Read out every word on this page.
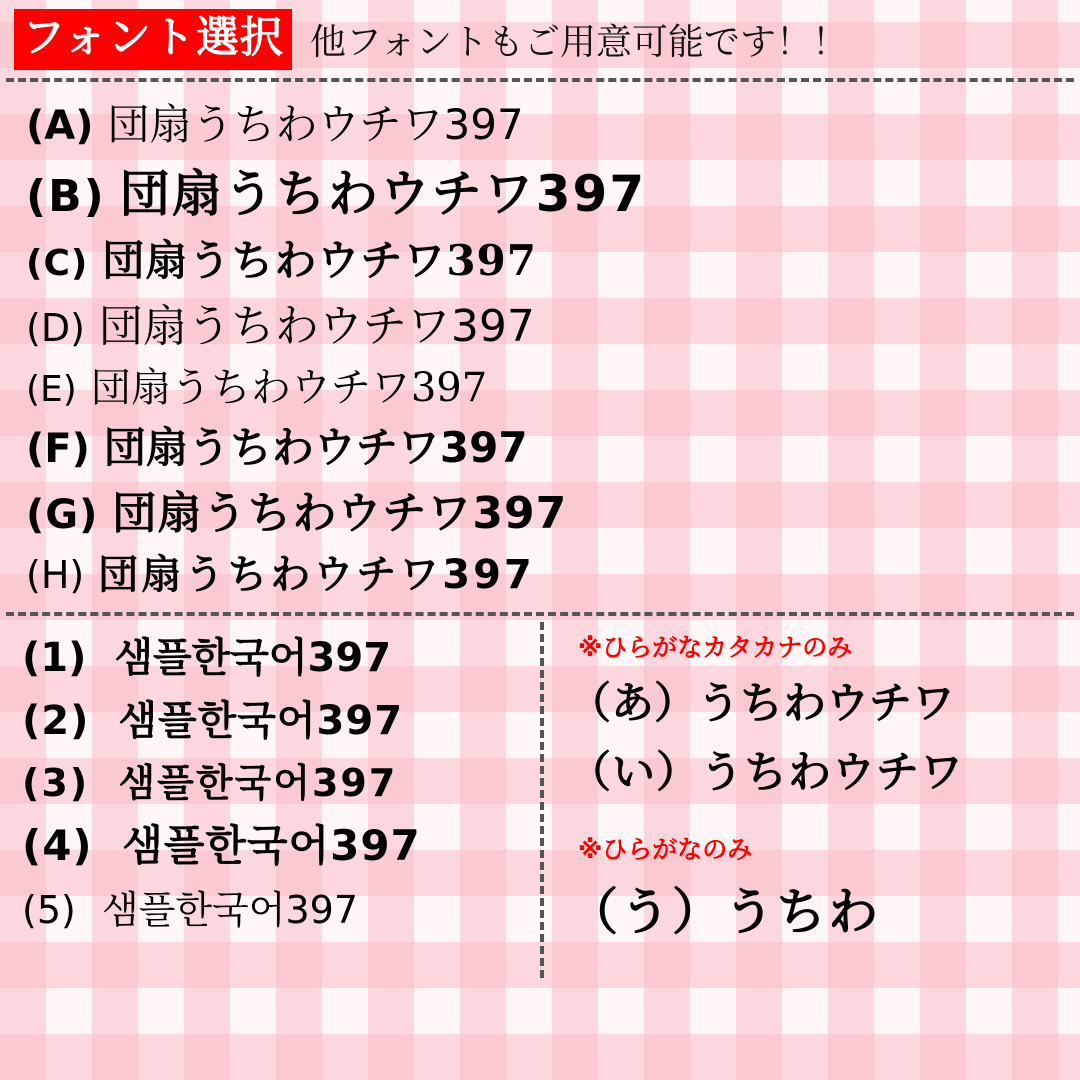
フォント選択 他フォントもご用意可能です！！
(A) 団扇うちわウチワ397
(B) 団扇うちわウチワ397
(C) 団扇うちわウチワ397
(D) 団扇うちわウチワ397
(E) 団扇うちわウチワ397
(F) 団扇うちわウチワ397
(G) 団扇うちわウチワ397
(H) 団扇うちわウチワ397
(1) 샘플한국어397
(2) 샘플한국어397
(3) 샘플한국어397
(4) 샘플한국어397
(5) 샘플한국어397
※ひらがなカタカナのみ
（あ）うちわウチワ
（い）うちわウチワ
※ひらがなのみ
（う）うちわ
